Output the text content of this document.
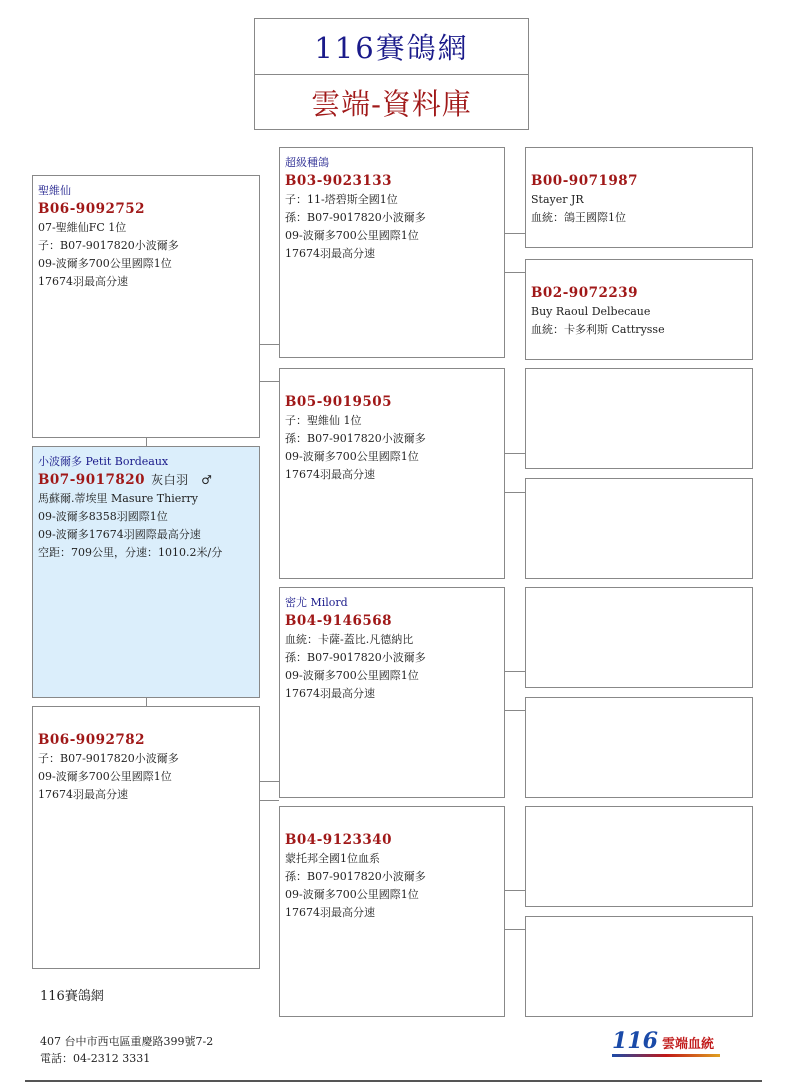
116賽鴿網
雲端-資料庫
聖維仙
B06-9092752
07-聖維仙FC 1位
子：B07-9017820小波爾多
09-波爾多700公里國際1位
17674羽最高分速
小波爾多 Petit Bordeaux
B07-9017820 灰白羽　♂
馬蘇爾.蒂埃里 Masure Thierry
09-波爾多8358羽國際1位
09-波爾多17674羽國際最高分速
空距：709公里，分速：1010.2米/分
B06-9092782
子：B07-9017820小波爾多
09-波爾多700公里國際1位
17674羽最高分速
超級種鴿
B03-9023133
子：11-塔碧斯全國1位
孫：B07-9017820小波爾多
09-波爾多700公里國際1位
17674羽最高分速
B05-9019505
子：聖維仙 1位
孫：B07-9017820小波爾多
09-波爾多700公里國際1位
17674羽最高分速
密尤 Milord
B04-9146568
血統：卡薩-蓋比.凡德納比
孫：B07-9017820小波爾多
09-波爾多700公里國際1位
17674羽最高分速
B04-9123340
蒙托邦全國1位血系
孫：B07-9017820小波爾多
09-波爾多700公里國際1位
17674羽最高分速
B00-9071987
Stayer JR
血統：鴿王國際1位
B02-9072239
Buy Raoul Delbecaue
血統：卡多利斯 Cattrysse
116賽鴿網
407 台中市西屯區重慶路399號7-2
電話：04-2312 3331
116 雲端血統
